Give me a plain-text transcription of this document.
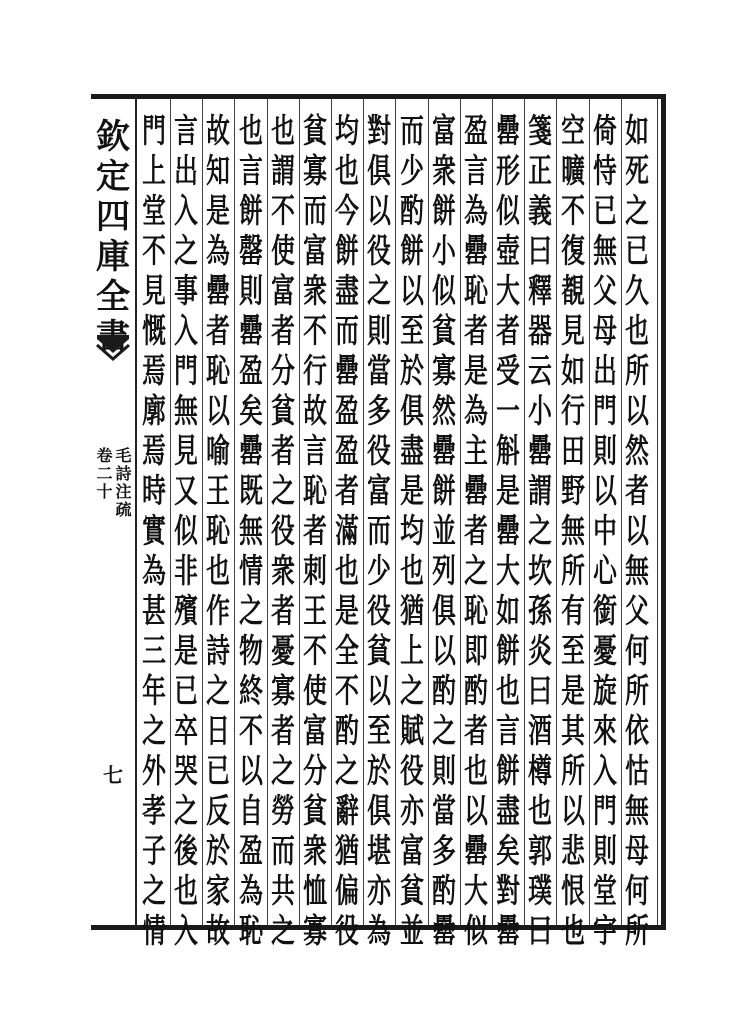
欽
定
四
庫
全
毛
詩
注
疏
卷
二
十
七
如
死
之
已
久
也
所
以
然
者
以
無
父
何
所
依
怙
無
母
何
所
倚
恃
已
無
父
母
出
門
則
以
中
心
銜
憂
旋
來
入
門
則
堂
宇
空
曠
不
復
覩
見
如
行
田
野
無
所
有
至
是
其
所
以
悲
恨
也
箋
正
義
曰
釋
器
云
小
罍
謂
之
坎
孫
炎
曰
酒
樽
也
郭
璞
曰
罍
形
似
壺
大
者
受
一
斛
是
罍
大
如
餅
也
言
餅
盡
矣
對
罍
盈
言
為
罍
恥
者
是
為
主
罍
者
之
恥
即
酌
者
也
以
罍
大
似
富
衆
餅
小
似
貧
寡
然
罍
餅
並
列
俱
以
酌
之
則
當
多
酌
罍
而
少
酌
餅
以
至
於
俱
盡
是
均
也
猶
上
之
賦
役
亦
富
貧
並
對
俱
以
役
之
則
當
多
役
富
而
少
役
貧
以
至
於
俱
堪
亦
為
均
也
今
餅
盡
而
罍
盈
盈
者
滿
也
是
全
不
酌
之
辭
猶
偏
役
貧
寡
而
富
衆
不
行
故
言
恥
者
刺
王
不
使
富
分
貧
衆
恤
寡
也
謂
不
使
富
者
分
貧
者
之
役
衆
者
憂
寡
者
之
勞
而
共
之
也
言
餅
罄
則
罍
盈
矣
罍
既
無
情
之
物
終
不
以
自
盈
為
恥
故
知
是
為
罍
者
恥
以
喻
王
恥
也
作
詩
之
日
已
反
於
家
故
言
出
入
之
事
入
門
無
見
又
似
非
殯
是
已
卒
哭
之
後
也
入
門
上
堂
不
見
慨
焉
廓
焉
時
實
為
甚
三
年
之
外
孝
子
之
情
